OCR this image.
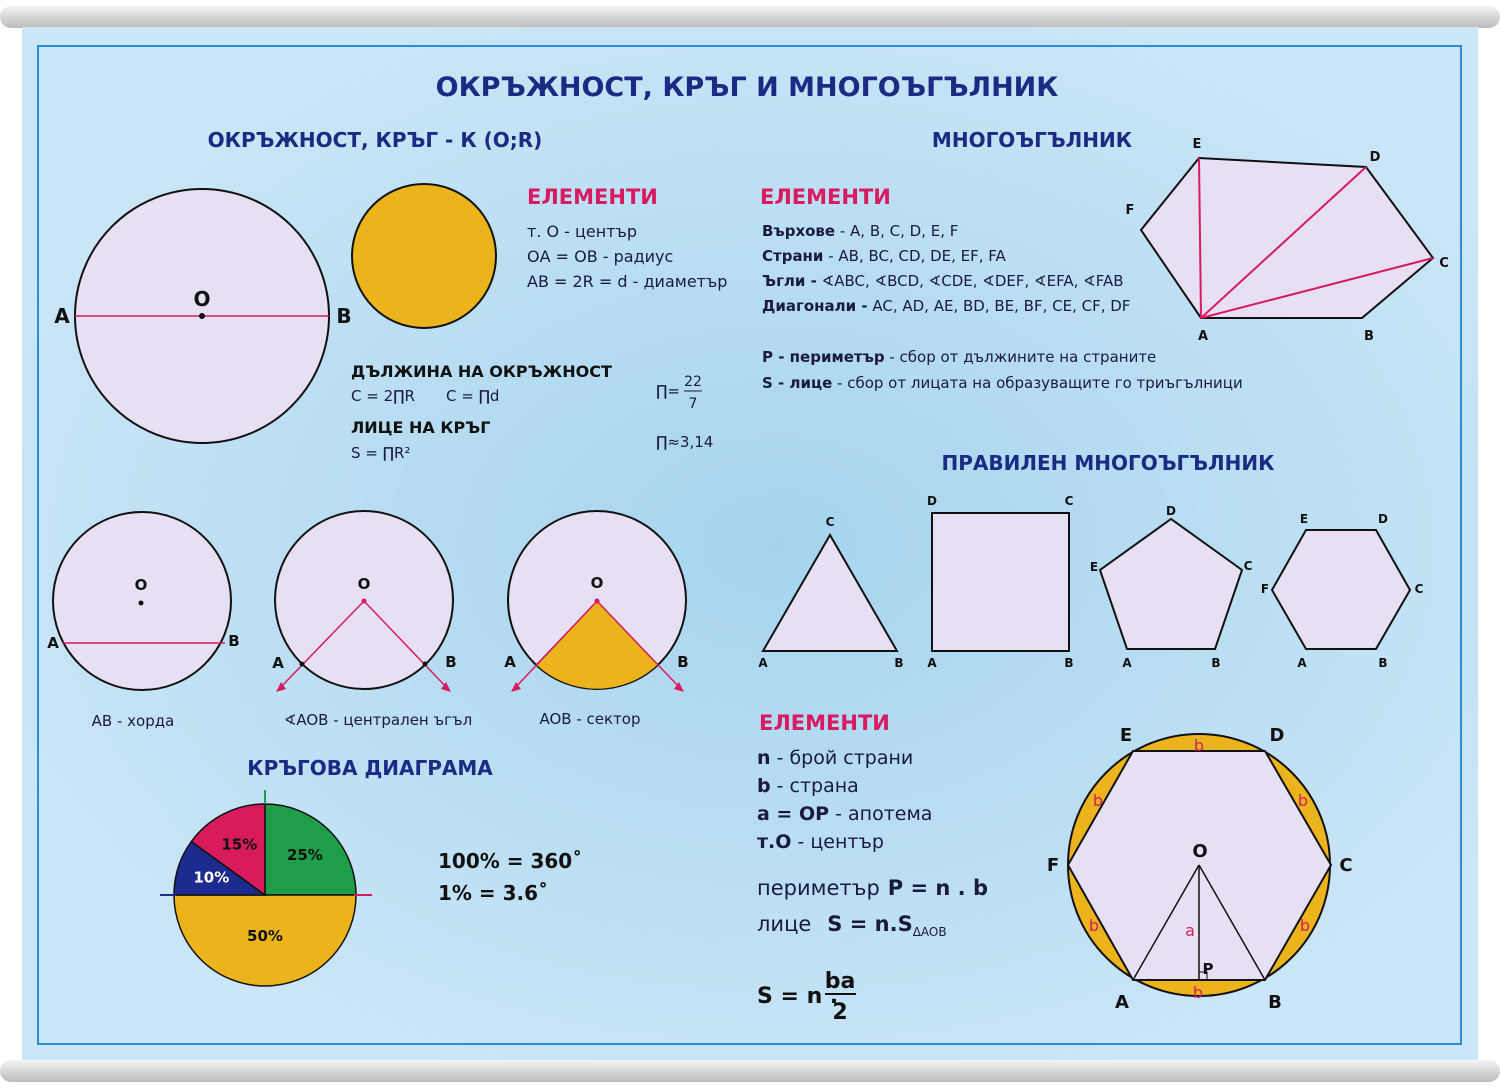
ОКРЪЖНОСТ, КРЪГ И МНОГОЪГЪЛНИК
ОКРЪЖНОСТ, КРЪГ - К (О;R)
O
A	B
ЕЛЕМЕНТИ
т. О - център
ОА = ОВ - радиус
АВ = 2R = d - диаметър
ДЪЛЖИНА НА ОКРЪЖНОСТ
C = 2∏R C = ∏d	∏= 22
7
ЛИЦЕ НА КРЪГ
S = ∏R²
∏≈3,14
O
A	B
АВ - хорда
O
A	B
∢AOB - централен ъгъл
O
A	B
AOB - сектор
КРЪГОВА ДИАГРАМА
25%
50%
10%
15%
100% = 360˚
1% = 3.6˚
МНОГОЪГЪЛНИК
ЕЛЕМЕНТИ
Върхове - A, B, C, D, E, F
Страни - AB, BC, CD, DE, EF, FA
Ъгли - ∢ABC, ∢BCD, ∢CDE, ∢DEF, ∢EFA, ∢FAB
Диагонали - AC, AD, AE, BD, BE, BF, CE, CF, DF
P - периметър - сбор от дължините на страните
S - лице - сбор от лицата на образуващите го триъгълници
A	B
C
D
E
F
ПРАВИЛЕН МНОГОЪГЪЛНИК
A	B
C
A	B
C
D
A	B
C
D
E
A	B
C
D
E
F
ЕЛЕМЕНТИ
n - брой страни
b - страна
a = OP - апотема
т.О - център
периметър P = n . b
лице $S = n.S_{\Delta AOB}$
S = n .
ba
2
O
P
a
A	B
C
D
E
F
b
b
b	b
b	b
